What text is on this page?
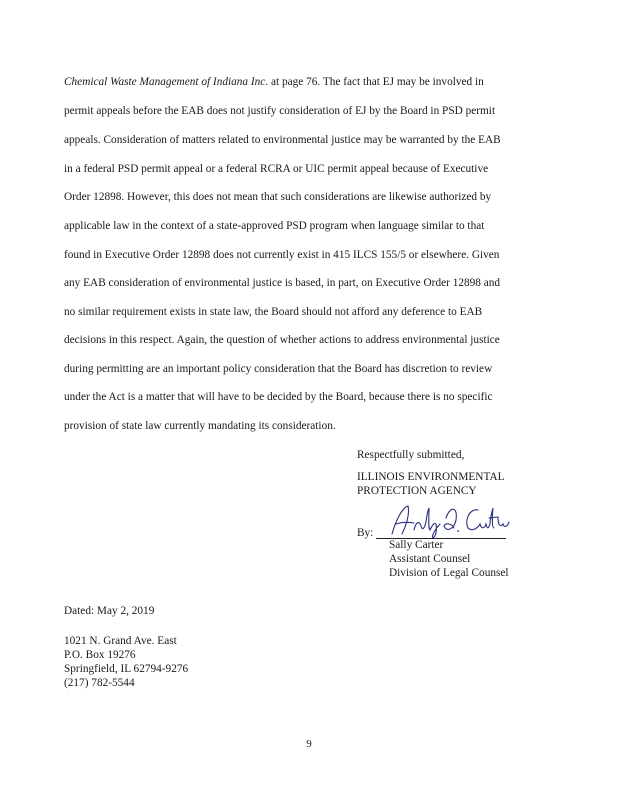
Chemical Waste Management of Indiana Inc. at page 76. The fact that EJ may be involved in
permit appeals before the EAB does not justify consideration of EJ by the Board in PSD permit
appeals. Consideration of matters related to environmental justice may be warranted by the EAB
in a federal PSD permit appeal or a federal RCRA or UIC permit appeal because of Executive
Order 12898. However, this does not mean that such considerations are likewise authorized by
applicable law in the context of a state-approved PSD program when language similar to that
found in Executive Order 12898 does not currently exist in 415 ILCS 155/5 or elsewhere. Given
any EAB consideration of environmental justice is based, in part, on Executive Order 12898 and
no similar requirement exists in state law, the Board should not afford any deference to EAB
decisions in this respect. Again, the question of whether actions to address environmental justice
during permitting are an important policy consideration that the Board has discretion to review
under the Act is a matter that will have to be decided by the Board, because there is no specific
provision of state law currently mandating its consideration.
Respectfully submitted,
ILLINOIS ENVIRONMENTAL
PROTECTION AGENCY
By:
Sally Carter
Assistant Counsel
Division of Legal Counsel
Dated: May 2, 2019
1021 N. Grand Ave. East
P.O. Box 19276
Springfield, IL 62794-9276
(217) 782-5544
9
